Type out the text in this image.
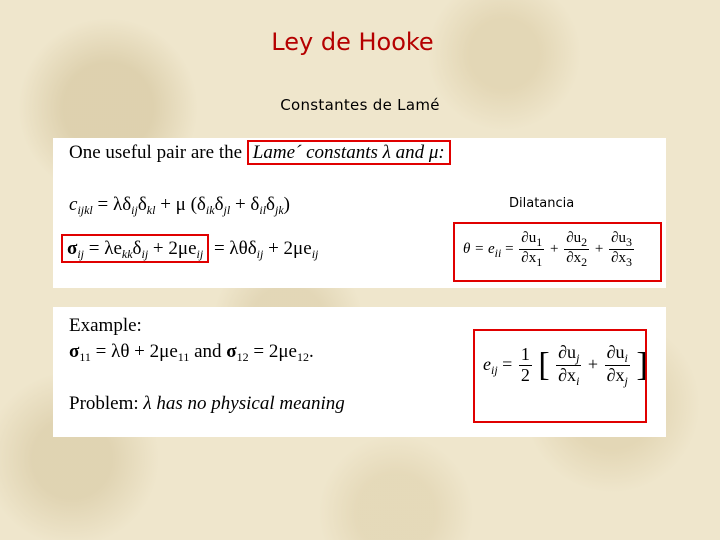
Ley de Hooke
Constantes de Lamé
One useful pair are the Lame´ constants λ and μ:
$c_{ijkl} = \lambda\delta_{ij}\delta_{kl} + \mu$ $(\delta_{ik}\delta_{jl} + \delta_{il}\delta_{jk})$
$\sigma_{ij} = \lambda e_{kk}\delta_{ij} + 2\mu e_{ij} = \lambda\theta\delta_{ij} + 2\mu e_{ij}$	$\theta = e_{ii} = \frac{\partial u_1}{\partial x_1} + \frac{\partial u_2}{\partial x_2} + \frac{\partial u_3}{\partial x_3}$
Dilatancia
Example:
$\sigma_{11} = \lambda\theta + 2\mu e_{11}$ and $\sigma_{12} = 2\mu e_{12}$.
Problem: λ has no physical meaning
$e_{ij} = \frac{1}{2}$ [ $\frac{\partial u_j}{\partial x_i} + \frac{\partial u_i}{\partial x_j}$ ]
